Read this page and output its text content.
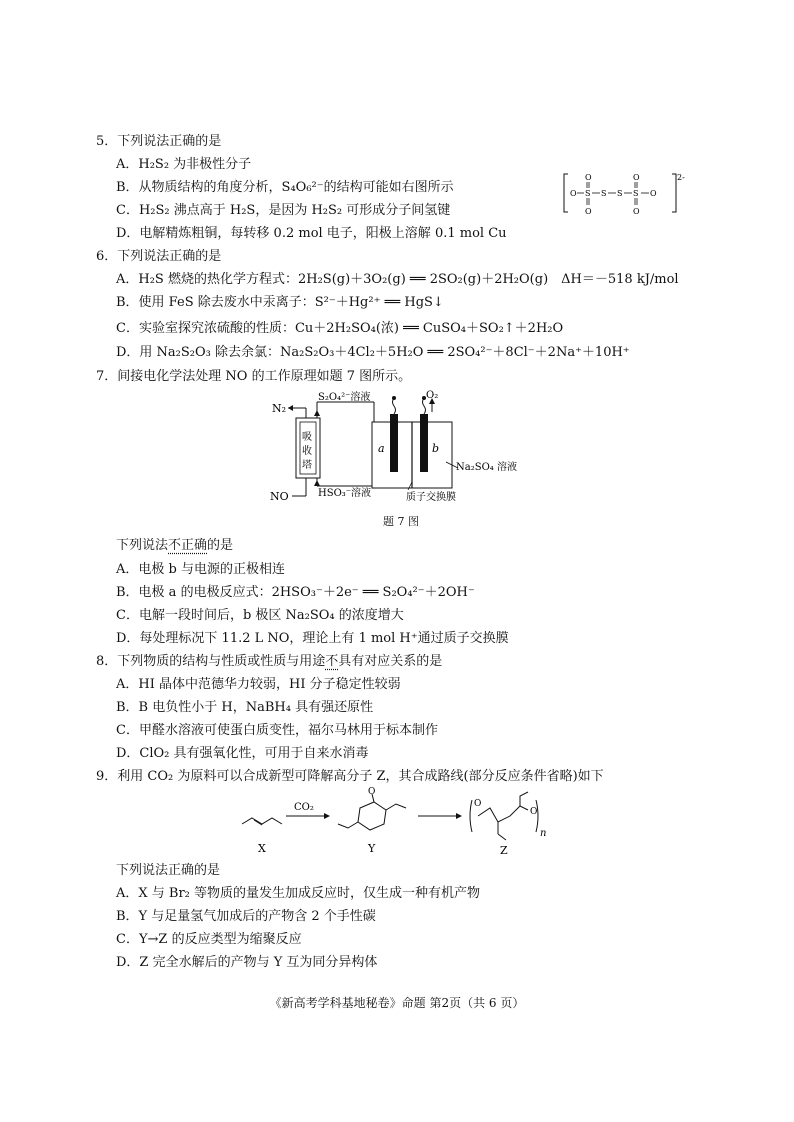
5．下列说法正确的是
A．H₂S₂ 为非极性分子
B．从物质结构的角度分析，S₄O₆²⁻的结构可能如右图所示
C．H₂S₂ 沸点高于 H₂S，是因为 H₂S₂ 可形成分子间氢键
D．电解精炼粗铜，每转移 0.2 mol 电子，阳极上溶解 0.1 mol Cu
O S
O
O
S S S
O
O
O
2-
6．下列说法正确的是
A．H₂S 燃烧的热化学方程式：2H₂S(g)＋3O₂(g) ══ 2SO₂(g)＋2H₂O(g)　ΔH＝－518 kJ/mol
B．使用 FeS 除去废水中汞离子：S²⁻＋Hg²⁺ ══ HgS↓
C．实验室探究浓硫酸的性质：Cu＋2H₂SO₄(浓) ══ CuSO₄＋SO₂↑＋2H₂O
D．用 Na₂S₂O₃ 除去余氯：Na₂S₂O₃＋4Cl₂＋5H₂O ══ 2SO₄²⁻＋8Cl⁻＋2Na⁺＋10H⁺
7．间接电化学法处理 NO 的工作原理如题 7 图所示。
N₂
S₂O₄²⁻溶液
吸
收
塔
NO	HSO₃⁻溶液
O₂
a	b
Na₂SO₄ 溶液
质子交换膜
题 7 图
下列说法不正确的是
A．电极 b 与电源的正极相连
B．电极 a 的电极反应式：2HSO₃⁻＋2e⁻ ══ S₂O₄²⁻＋2OH⁻
C．电解一段时间后，b 极区 Na₂SO₄ 的浓度增大
D．每处理标况下 11.2 L NO，理论上有 1 mol H⁺通过质子交换膜
8．下列物质的结构与性质或性质与用途不具有对应关系的是
A．HI 晶体中范德华力较弱，HI 分子稳定性较弱
B．B 电负性小于 H，NaBH₄ 具有强还原性
C．甲醛水溶液可使蛋白质变性，福尔马林用于标本制作
D．ClO₂ 具有强氧化性，可用于自来水消毒
9．利用 CO₂ 为原料可以合成新型可降解高分子 Z，其合成路线(部分反应条件省略)如下
X
CO₂
O
Y
O
O
n
Z
下列说法正确的是
A．X 与 Br₂ 等物质的量发生加成反应时，仅生成一种有机产物
B．Y 与足量氢气加成后的产物含 2 个手性碳
C．Y→Z 的反应类型为缩聚反应
D．Z 完全水解后的产物与 Y 互为同分异构体
《新高考学科基地秘卷》命题 第2页（共 6 页）
